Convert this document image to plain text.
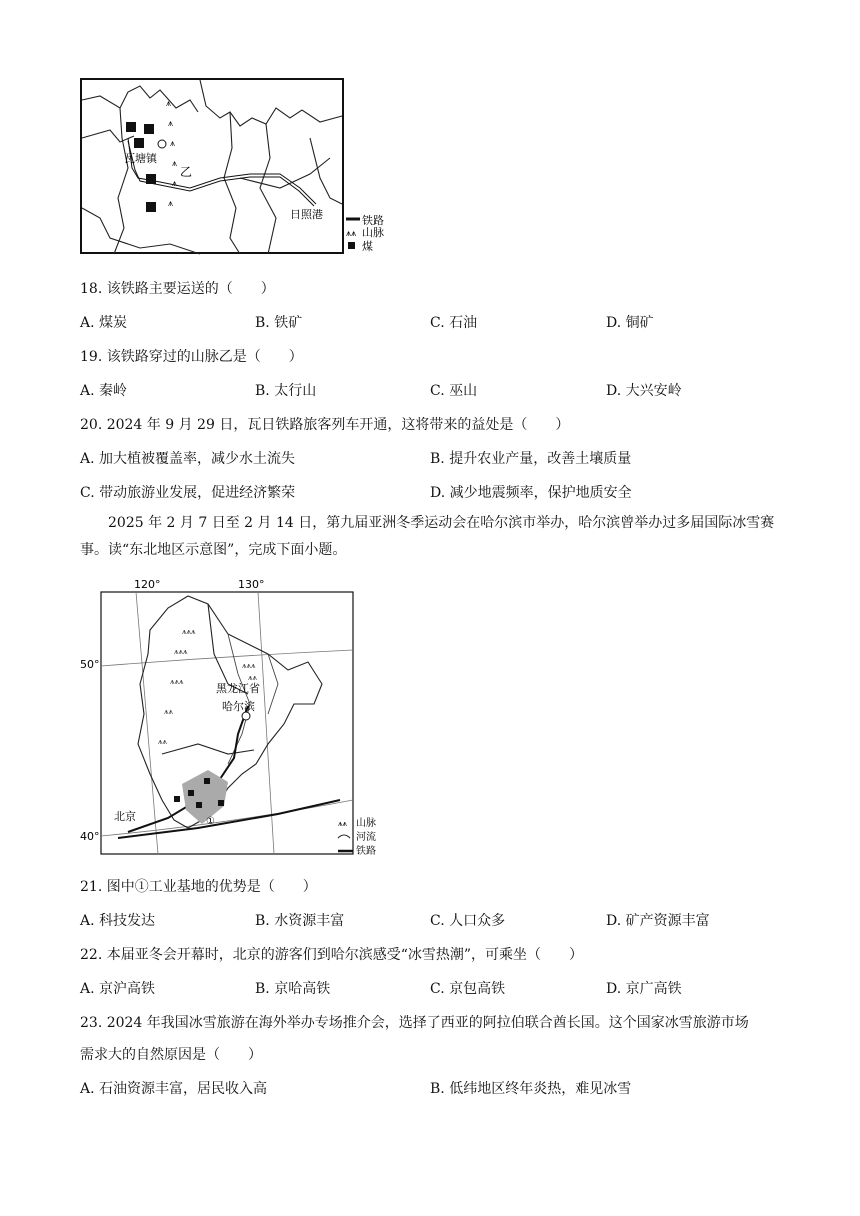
⩚
⩚
⩚
⩚
⩚
⩚
瓦塘镇
乙
日照港	铁路
⩚⩚ 山脉
煤
18. 该铁路主要运送的（　　）
A. 煤炭	B. 铁矿	C. 石油	D. 铜矿
19. 该铁路穿过的山脉乙是（　　）
A. 秦岭	B. 太行山	C. 巫山	D. 大兴安岭
20. 2024 年 9 月 29 日，瓦日铁路旅客列车开通，这将带来的益处是（　　）
A. 加大植被覆盖率，减少水土流失	B. 提升农业产量，改善土壤质量
C. 带动旅游业发展，促进经济繁荣	D. 减少地震频率，保护地质安全
2025 年 2 月 7 日至 2 月 14 日，第九届亚洲冬季运动会在哈尔滨市举办，哈尔滨曾举办过多届国际冰雪赛事。读“东北地区示意图”，完成下面小题。
120°	130°
50°
40°
⩚⩚⩚
⩚⩚⩚
⩚⩚⩚
⩚⩚
⩚⩚
⩚⩚⩚
⩚⩚
黑龙江省
哈尔滨
北京	①	⩚⩚ 山脉
河流
铁路
21. 图中①工业基地的优势是（　　）
A. 科技发达	B. 水资源丰富	C. 人口众多	D. 矿产资源丰富
22. 本届亚冬会开幕时，北京的游客们到哈尔滨感受“冰雪热潮”，可乘坐（　　）
A. 京沪高铁	B. 京哈高铁	C. 京包高铁	D. 京广高铁
23. 2024 年我国冰雪旅游在海外举办专场推介会，选择了西亚的阿拉伯联合酋长国。这个国家冰雪旅游市场
需求大的自然原因是（　　）
A. 石油资源丰富，居民收入高	B. 低纬地区终年炎热，难见冰雪
